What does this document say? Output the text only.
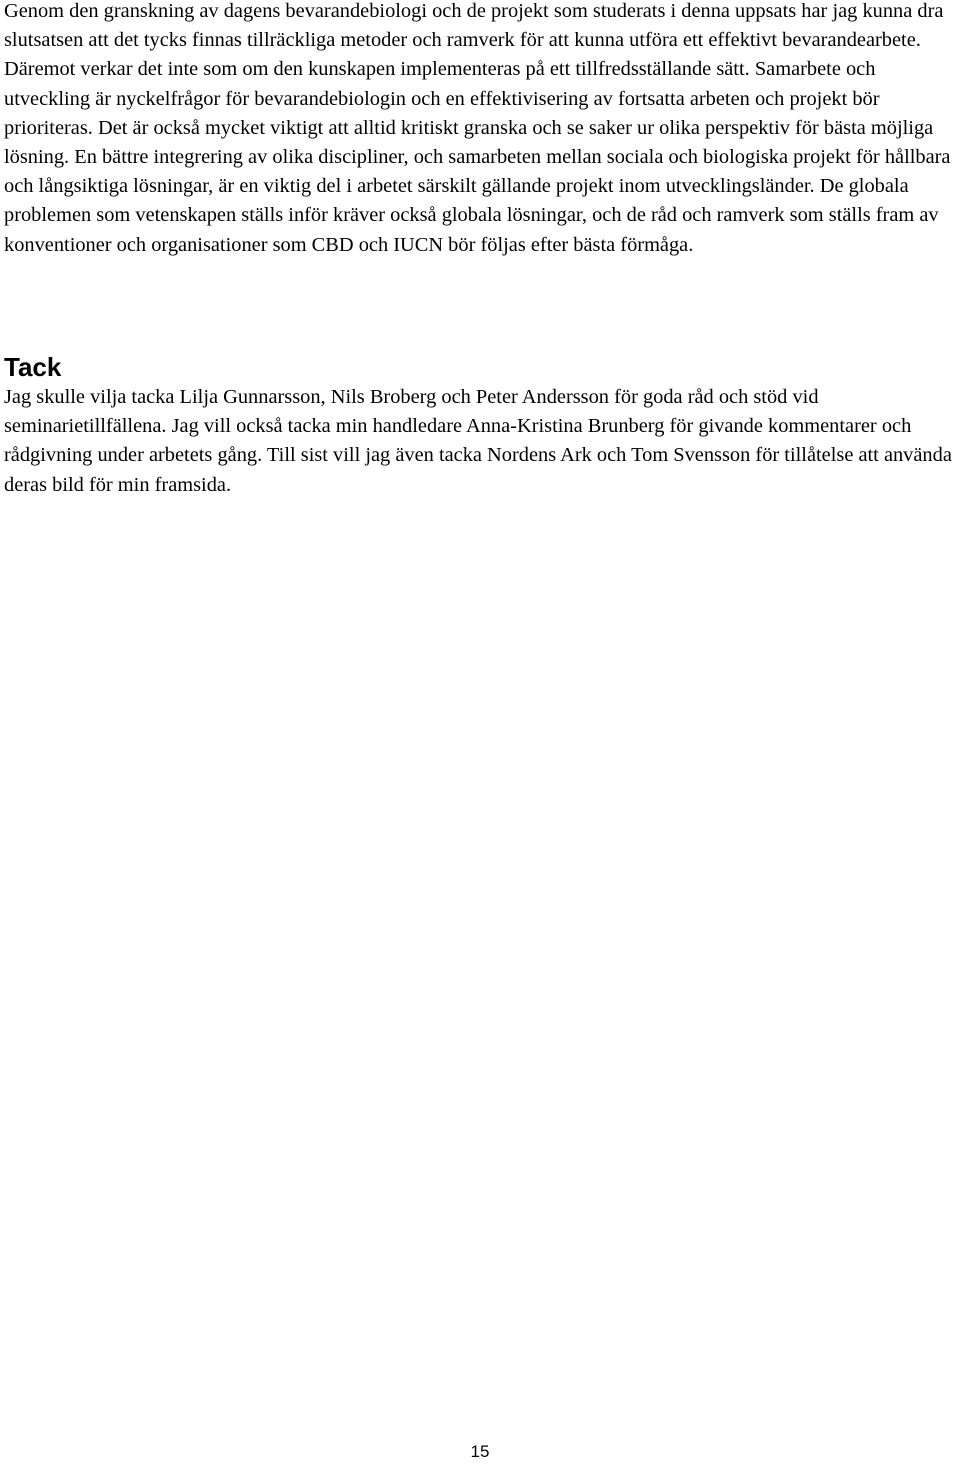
Genom den granskning av dagens bevarandebiologi och de projekt som studerats i denna uppsats har jag kunna dra slutsatsen att det tycks finnas tillräckliga metoder och ramverk för att kunna utföra ett effektivt bevarandearbete. Däremot verkar det inte som om den kunskapen implementeras på ett tillfredsställande sätt. Samarbete och utveckling är nyckelfrågor för bevarandebiologin och en effektivisering av fortsatta arbeten och projekt bör prioriteras. Det är också mycket viktigt att alltid kritiskt granska och se saker ur olika perspektiv för bästa möjliga lösning. En bättre integrering av olika discipliner, och samarbeten mellan sociala och biologiska projekt för hållbara och långsiktiga lösningar, är en viktig del i arbetet särskilt gällande projekt inom utvecklingsländer. De globala problemen som vetenskapen ställs inför kräver också globala lösningar, och de råd och ramverk som ställs fram av konventioner och organisationer som CBD och IUCN bör följas efter bästa förmåga.

Tack

Jag skulle vilja tacka Lilja Gunnarsson, Nils Broberg och Peter Andersson för goda råd och stöd vid seminarietillfällena. Jag vill också tacka min handledare Anna-Kristina Brunberg för givande kommentarer och rådgivning under arbetets gång. Till sist vill jag även tacka Nordens Ark och Tom Svensson för tillåtelse att använda deras bild för min framsida.

15
